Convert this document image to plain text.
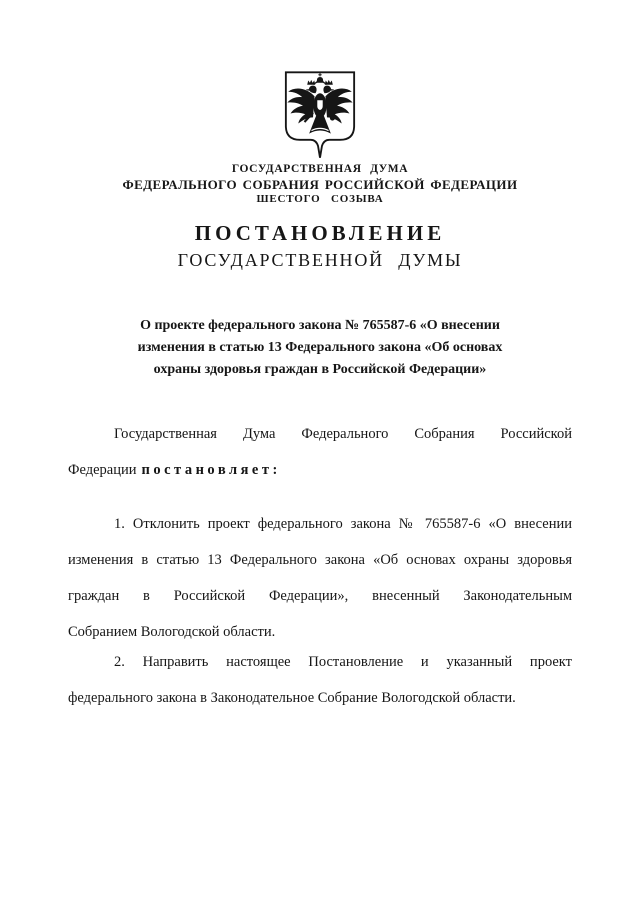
ГОСУДАРСТВЕННАЯ ДУМА
ФЕДЕРАЛЬНОГО СОБРАНИЯ РОССИЙСКОЙ ФЕДЕРАЦИИ
ШЕСТОГО СОЗЫВА
ПОСТАНОВЛЕНИЕ
ГОСУДАРСТВЕННОЙ ДУМЫ
О проекте федерального закона № 765587-6 «О внесении
изменения в статью 13 Федерального закона «Об основах
охраны здоровья граждан в Российской Федерации»
Государственная Дума Федерального Собрания Российской
Федерации постановляет:
1. Отклонить проект федерального закона № 765587-6 «О внесении
изменения в статью 13 Федерального закона «Об основах охраны здоровья
граждан в Российской Федерации», внесенный Законодательным
Собранием Вологодской области.
2. Направить настоящее Постановление и указанный проект
федерального закона в Законодательное Собрание Вологодской области.
